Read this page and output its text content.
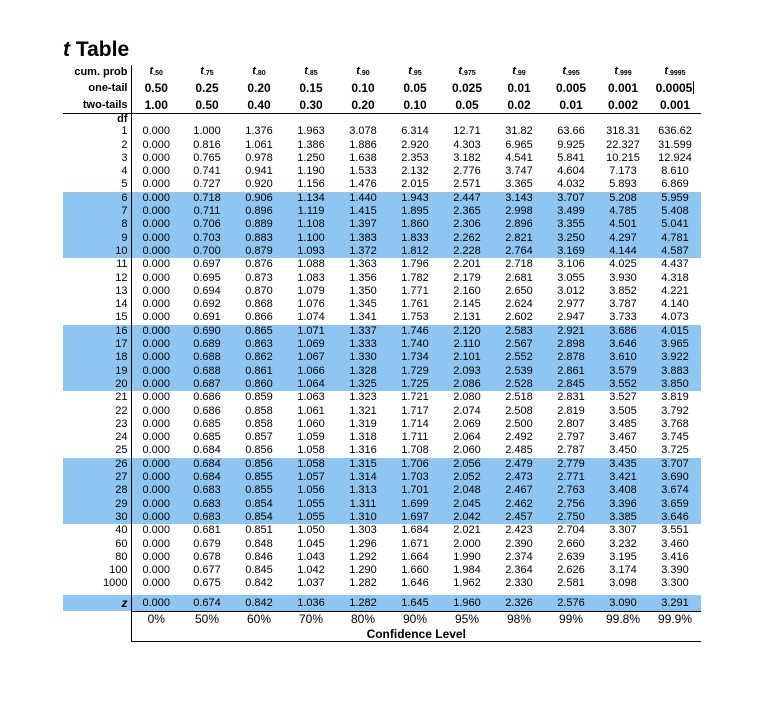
t Table
cum. prob	t.50	t.75	t.80	t.85	t.90	t.95	t.975	t.99	t.995	t.999	t.9995
one-tail	0.50	0.25	0.20	0.15	0.10	0.05	0.025	0.01	0.005	0.001	0.0005
two-tails	1.00	0.50	0.40	0.30	0.20	0.10	0.05	0.02	0.01	0.002	0.001
df											
1	0.000	1.000	1.376	1.963	3.078	6.314	12.71	31.82	63.66	318.31	636.62
2	0.000	0.816	1.061	1.386	1.886	2.920	4.303	6.965	9.925	22.327	31.599
3	0.000	0.765	0.978	1.250	1.638	2.353	3.182	4.541	5.841	10.215	12.924
4	0.000	0.741	0.941	1.190	1.533	2.132	2.776	3.747	4.604	7.173	8.610
5	0.000	0.727	0.920	1.156	1.476	2.015	2.571	3.365	4.032	5.893	6.869
6	0.000	0.718	0.906	1.134	1.440	1.943	2.447	3.143	3.707	5.208	5.959
7	0.000	0.711	0.896	1.119	1.415	1.895	2.365	2.998	3.499	4.785	5.408
8	0.000	0.706	0.889	1.108	1.397	1.860	2.306	2.896	3.355	4.501	5.041
9	0.000	0.703	0.883	1.100	1.383	1.833	2.262	2.821	3.250	4.297	4.781
10	0.000	0.700	0.879	1.093	1.372	1.812	2.228	2.764	3.169	4.144	4.587
11	0.000	0.697	0.876	1.088	1.363	1.796	2.201	2.718	3.106	4.025	4.437
12	0.000	0.695	0.873	1.083	1.356	1.782	2.179	2.681	3.055	3.930	4.318
13	0.000	0.694	0.870	1.079	1.350	1.771	2.160	2.650	3.012	3.852	4.221
14	0.000	0.692	0.868	1.076	1.345	1.761	2.145	2.624	2.977	3.787	4.140
15	0.000	0.691	0.866	1.074	1.341	1.753	2.131	2.602	2.947	3.733	4.073
16	0.000	0.690	0.865	1.071	1.337	1.746	2.120	2.583	2.921	3.686	4.015
17	0.000	0.689	0.863	1.069	1.333	1.740	2.110	2.567	2.898	3.646	3.965
18	0.000	0.688	0.862	1.067	1.330	1.734	2.101	2.552	2.878	3.610	3.922
19	0.000	0.688	0.861	1.066	1.328	1.729	2.093	2.539	2.861	3.579	3.883
20	0.000	0.687	0.860	1.064	1.325	1.725	2.086	2.528	2.845	3.552	3.850
21	0.000	0.686	0.859	1.063	1.323	1.721	2.080	2.518	2.831	3.527	3.819
22	0.000	0.686	0.858	1.061	1.321	1.717	2.074	2.508	2.819	3.505	3.792
23	0.000	0.685	0.858	1.060	1.319	1.714	2.069	2.500	2.807	3.485	3.768
24	0.000	0.685	0.857	1.059	1.318	1.711	2.064	2.492	2.797	3.467	3.745
25	0.000	0.684	0.856	1.058	1.316	1.708	2.060	2.485	2.787	3.450	3.725
26	0.000	0.684	0.856	1.058	1.315	1.706	2.056	2.479	2.779	3.435	3.707
27	0.000	0.684	0.855	1.057	1.314	1.703	2.052	2.473	2.771	3.421	3.690
28	0.000	0.683	0.855	1.056	1.313	1.701	2.048	2.467	2.763	3.408	3.674
29	0.000	0.683	0.854	1.055	1.311	1.699	2.045	2.462	2.756	3.396	3.659
30	0.000	0.683	0.854	1.055	1.310	1.697	2.042	2.457	2.750	3.385	3.646
40	0.000	0.681	0.851	1.050	1.303	1.684	2.021	2.423	2.704	3.307	3.551
60	0.000	0.679	0.848	1.045	1.296	1.671	2.000	2.390	2.660	3.232	3.460
80	0.000	0.678	0.846	1.043	1.292	1.664	1.990	2.374	2.639	3.195	3.416
100	0.000	0.677	0.845	1.042	1.290	1.660	1.984	2.364	2.626	3.174	3.390
1000	0.000	0.675	0.842	1.037	1.282	1.646	1.962	2.330	2.581	3.098	3.300

z	0.000	0.674	0.842	1.036	1.282	1.645	1.960	2.326	2.576	3.090	3.291
	0%	50%	60%	70%	80%	90%	95%	98%	99%	99.8%	99.9%
	Confidence Level										
